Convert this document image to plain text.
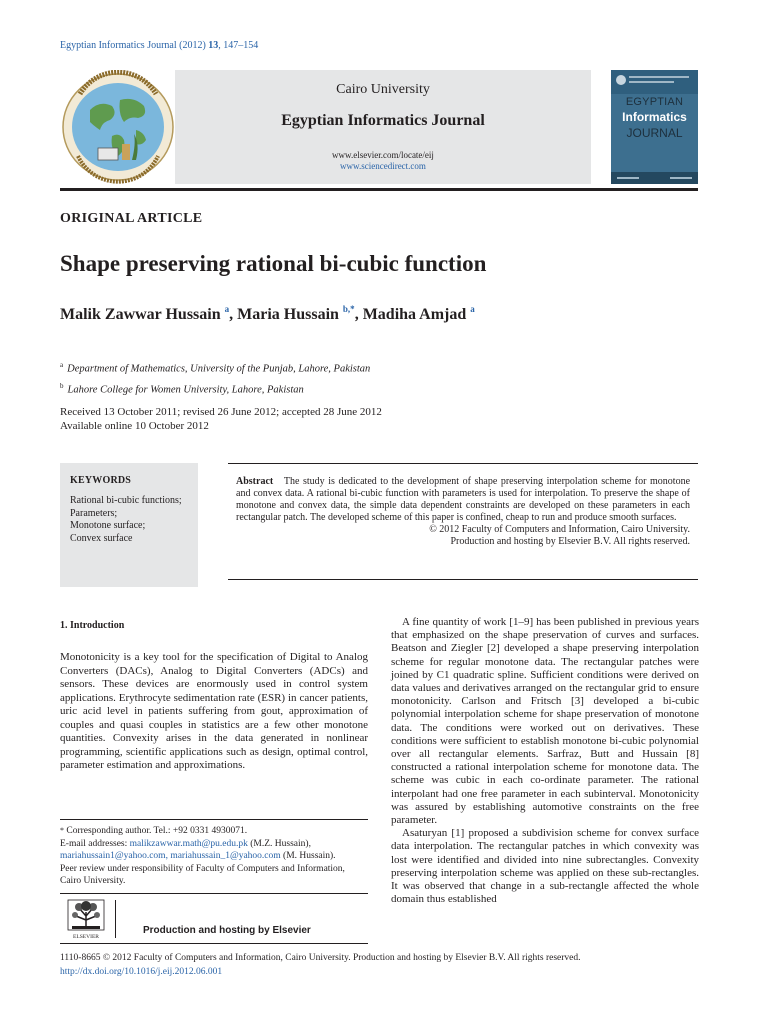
Egyptian Informatics Journal (2012) 13, 147–154
Cairo University
Egyptian Informatics Journal
www.elsevier.com/locate/eij
www.sciencedirect.com
EGYPTIAN
Informatics
JOURNAL
ORIGINAL ARTICLE
Shape preserving rational bi-cubic function
Malik Zawwar Hussain $^a$, Maria Hussain $^{b,*}$, Madiha Amjad $^a$
$^a$ Department of Mathematics, University of the Punjab, Lahore, Pakistan
$^b$ Lahore College for Women University, Lahore, Pakistan
Received 13 October 2011; revised 26 June 2012; accepted 28 June 2012
Available online 10 October 2012
KEYWORDS
Rational bi-cubic functions;
Parameters;
Monotone surface;
Convex surface
Abstract The study is dedicated to the development of shape preserving interpolation scheme for monotone and convex data. A rational bi-cubic function with parameters is used for interpolation. To preserve the shape of monotone and convex data, the simple data dependent constraints are developed on these parameters in each rectangular patch. The developed scheme of this paper is confined, cheap to run and produce smooth surfaces.
© 2012 Faculty of Computers and Information, Cairo University.
Production and hosting by Elsevier B.V. All rights reserved.
1. Introduction
Monotonicity is a key tool for the specification of Digital to Analog Converters (DACs), Analog to Digital Converters (ADCs) and sensors. These devices are enormously used in control system applications. Erythrocyte sedimentation rate (ESR) in cancer patients, uric acid level in patients suffering from gout, approximation of couples and quasi couples in statistics are a few other monotone quantities. Convexity arises in the data generated in nonlinear programming, scientific applications such as design, optimal control, parameter estimation and approximations.

A fine quantity of work [1–9] has been published in previous years that emphasized on the shape preservation of curves and surfaces. Beatson and Ziegler [2] developed a shape preserving interpolation scheme for regular monotone data. The rectangular patches were joined by C1 quadratic spline. Sufficient conditions were derived on data values and derivatives arranged on the rectangular grid to ensure monotonicity. Carlson and Fritsch [3] developed a bi-cubic polynomial interpolation scheme for shape preservation of monotone data. The conditions were worked out on derivatives. These conditions were sufficient to establish monotone bi-cubic polynomial over all rectangular elements. Sarfraz, Butt and Hussain [8] constructed a rational interpolation scheme for monotone data. The scheme was cubic in each co-ordinate parameter. The rational interpolant had one free parameter in each subinterval. Monotonicity was assured by establishing automotive constraints on the free parameter.

Asaturyan [1] proposed a subdivision scheme for convex surface data interpolation. The rectangular patches in which convexity was lost were identified and divided into nine subrectangles. Convexity preserving interpolation scheme was applied on these sub-rectangles. It was observed that change in a sub-rectangle affected the whole domain thus established

* Corresponding author. Tel.: +92 0331 4930071.
E-mail addresses: malikzawwar.math@pu.edu.pk (M.Z. Hussain), mariahussain1@yahoo.com, mariahussain_1@yahoo.com (M. Hussain).
Peer review under responsibility of Faculty of Computers and Information, Cairo University.
ELSEVIER
Production and hosting by Elsevier
1110-8665 © 2012 Faculty of Computers and Information, Cairo University. Production and hosting by Elsevier B.V. All rights reserved.
http://dx.doi.org/10.1016/j.eij.2012.06.001
